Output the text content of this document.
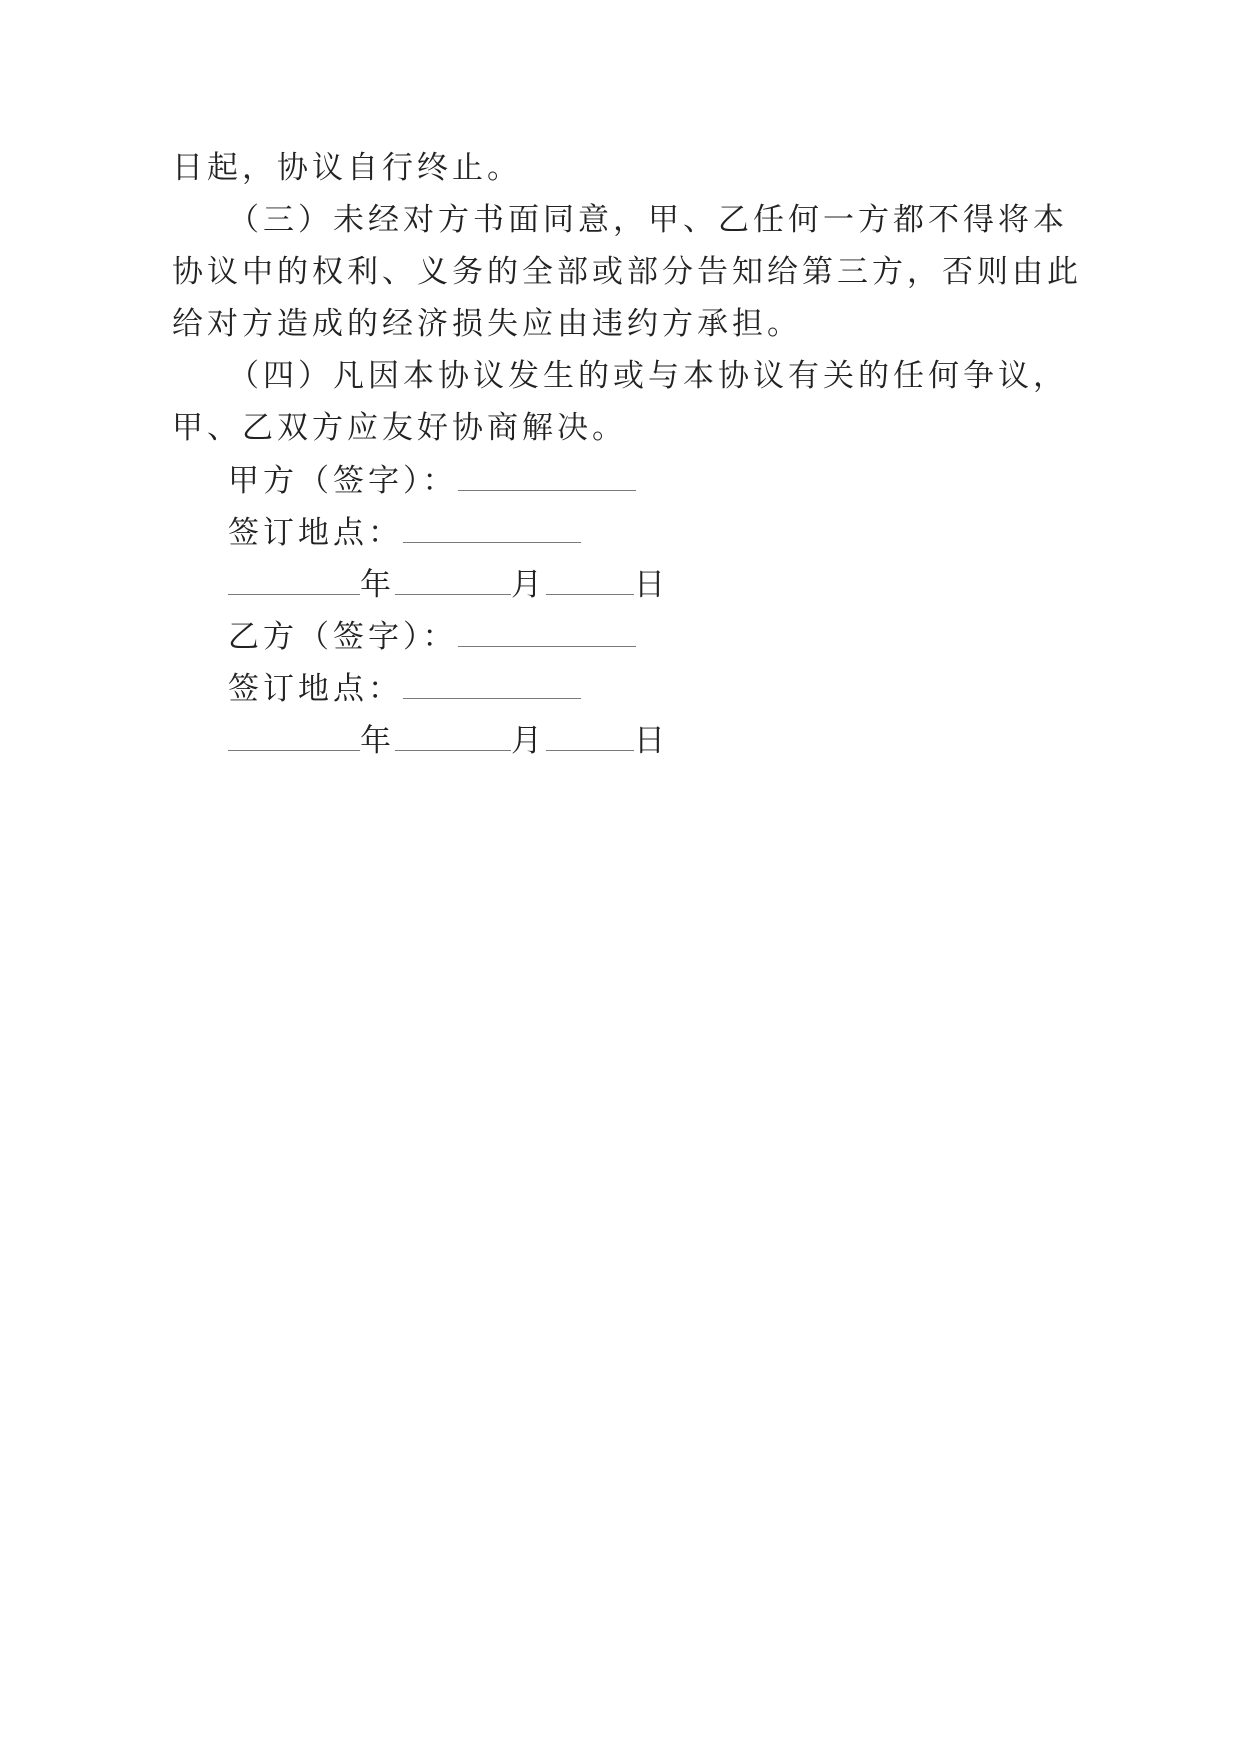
日起，协议自行终止。
（三）未经对方书面同意，甲、乙任何一方都不得将本
协议中的权利、义务的全部或部分告知给第三方，否则由此
给对方造成的经济损失应由违约方承担。
（四）凡因本协议发生的或与本协议有关的任何争议，
甲、乙双方应友好协商解决。
甲方（签字）：
签订地点：
年	月	日
乙方（签字）：
签订地点：
年	月	日
